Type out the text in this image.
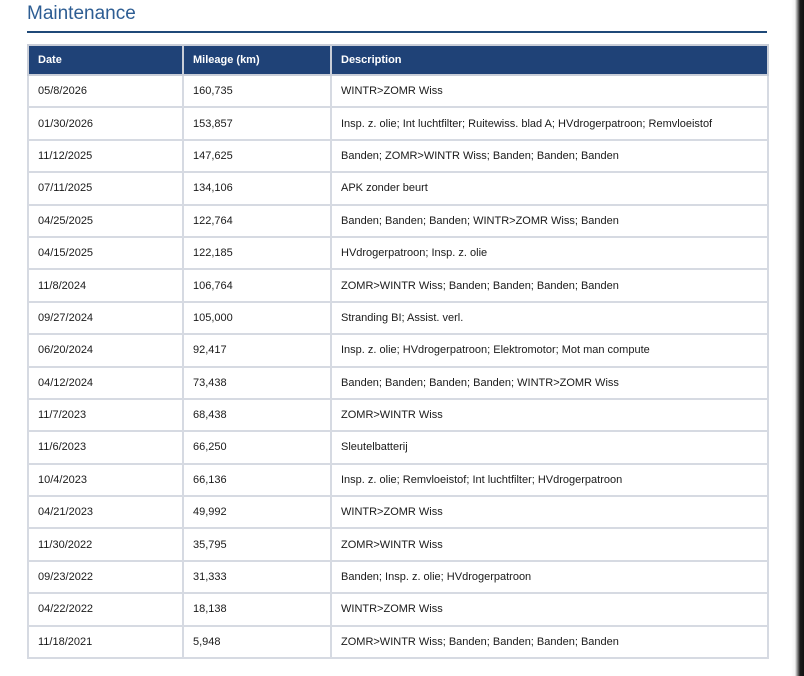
Maintenance
Date	Mileage (km)	Description
05/8/2026	160,735	WINTR>ZOMR Wiss
01/30/2026	153,857	Insp. z. olie; Int luchtfilter; Ruitewiss. blad A; HVdrogerpatroon; Remvloeistof
11/12/2025	147,625	Banden; ZOMR>WINTR Wiss; Banden; Banden; Banden
07/11/2025	134,106	APK zonder beurt
04/25/2025	122,764	Banden; Banden; Banden; WINTR>ZOMR Wiss; Banden
04/15/2025	122,185	HVdrogerpatroon; Insp. z. olie
11/8/2024	106,764	ZOMR>WINTR Wiss; Banden; Banden; Banden; Banden
09/27/2024	105,000	Stranding BI; Assist. verl.
06/20/2024	92,417	Insp. z. olie; HVdrogerpatroon; Elektromotor; Mot man compute
04/12/2024	73,438	Banden; Banden; Banden; Banden; WINTR>ZOMR Wiss
11/7/2023	68,438	ZOMR>WINTR Wiss
11/6/2023	66,250	Sleutelbatterij
10/4/2023	66,136	Insp. z. olie; Remvloeistof; Int luchtfilter; HVdrogerpatroon
04/21/2023	49,992	WINTR>ZOMR Wiss
11/30/2022	35,795	ZOMR>WINTR Wiss
09/23/2022	31,333	Banden; Insp. z. olie; HVdrogerpatroon
04/22/2022	18,138	WINTR>ZOMR Wiss
11/18/2021	5,948	ZOMR>WINTR Wiss; Banden; Banden; Banden; Banden
